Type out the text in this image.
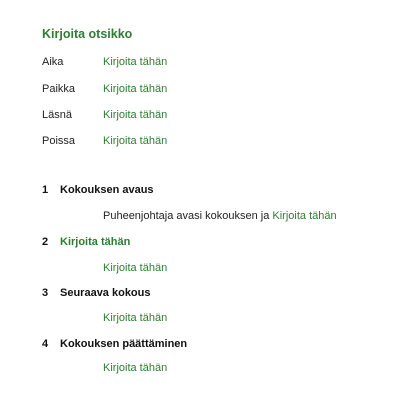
Kirjoita otsikko
Aika	Kirjoita tähän
Paikka	Kirjoita tähän
Läsnä	Kirjoita tähän
Poissa	Kirjoita tähän
1 Kokouksen avaus
Puheenjohtaja avasi kokouksen ja Kirjoita tähän
2 Kirjoita tähän
Kirjoita tähän
3 Seuraava kokous
Kirjoita tähän
4 Kokouksen päättäminen
Kirjoita tähän
